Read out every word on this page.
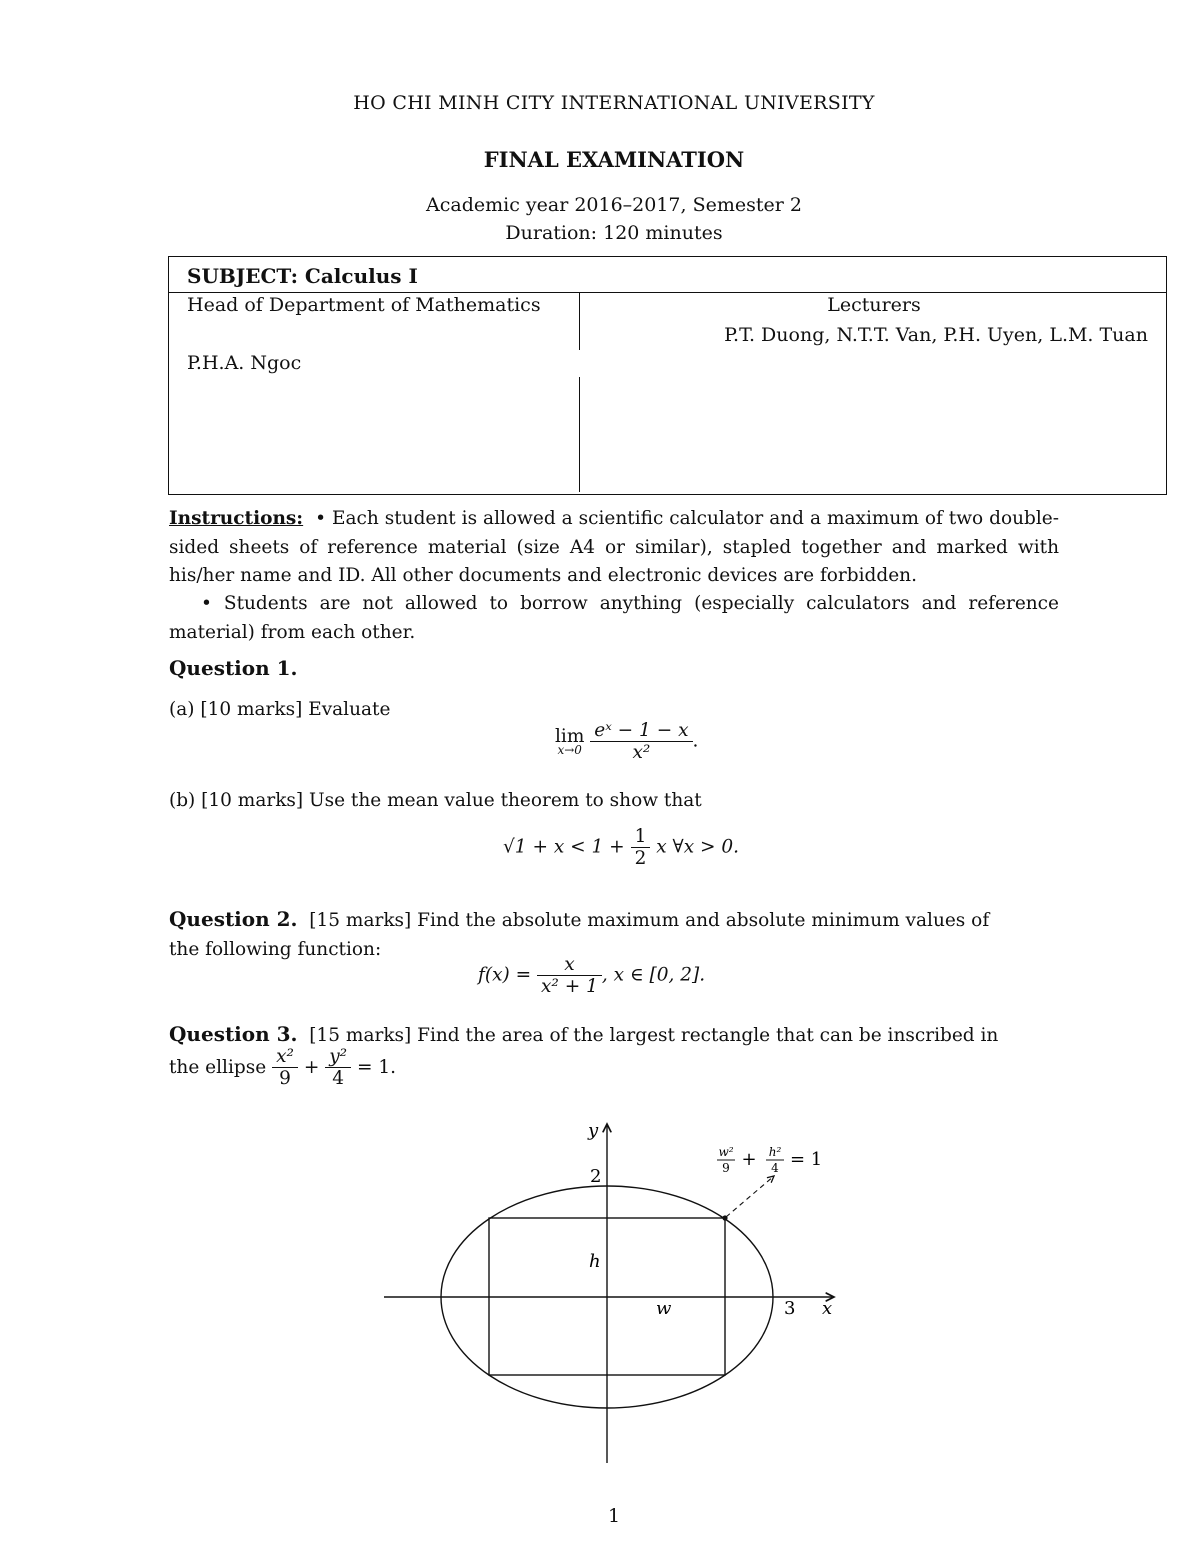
HO CHI MINH CITY INTERNATIONAL UNIVERSITY
FINAL EXAMINATION
Academic year 2016–2017, Semester 2
Duration: 120 minutes
SUBJECT: Calculus I
Head of Department of Mathematics
P.H.A. Ngoc
Lecturers
P.T. Duong, N.T.T. Van, P.H. Uyen, L.M. Tuan
Instructions: • Each student is allowed a scientific calculator and a maximum of two double-sided sheets of reference material (size A4 or similar), stapled together and marked with his/her name and ID. All other documents and electronic devices are forbidden.
• Students are not allowed to borrow anything (especially calculators and reference material) from each other.
Question 1.
(a) [10 marks] Evaluate
lim
x→0
$\frac{\text{eˣ − 1 − x}}{\text{x²}}$ .
(b) [10 marks] Use the mean value theorem to show that
$√1 + x < 1 + \frac{1}{2}$ x ∀x > 0.
Question 2. [15 marks] Find the absolute maximum and absolute minimum values of
the following function:
$f(x) = \frac{x}{\text{x² + 1}}$ , x ∈ [0, 2].
Question 3. [15 marks] Find the area of the largest rectangle that can be inscribed in
the ellipse $\frac{\text{x²}}{9} + \frac{\text{y²}}{4} = 1$.
y
x
2
3
h
w
w²
9 + h²
4 = 1
1
